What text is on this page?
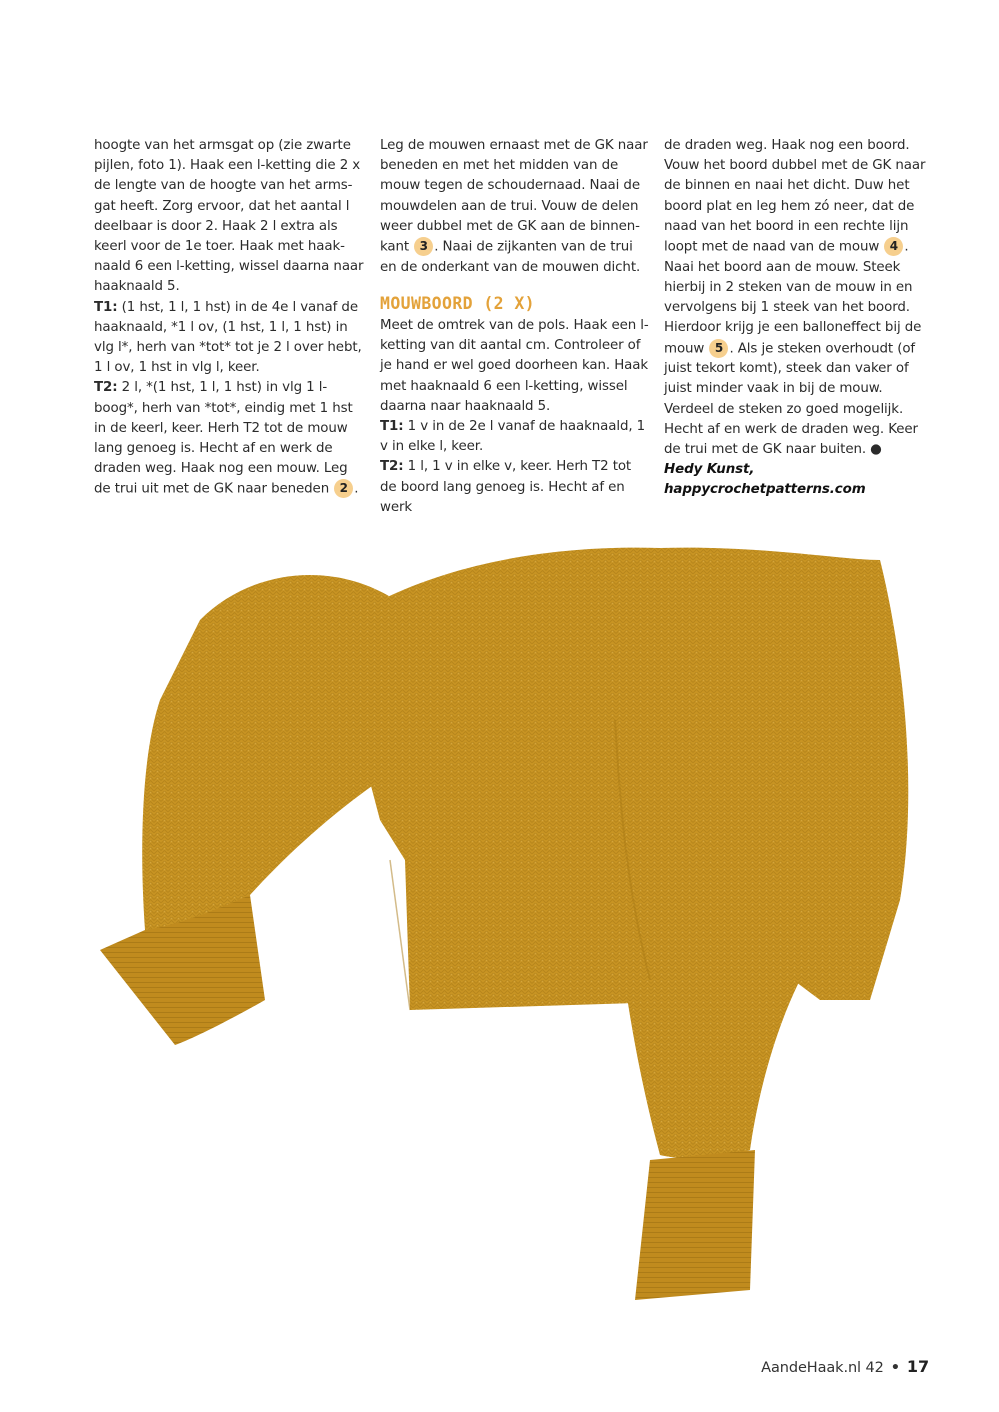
hoogte van het armsgat op (zie zwarte pijlen, foto 1). Haak een l-ketting die 2 x de lengte van de hoogte van het arms-gat heeft. Zorg ervoor, dat het aantal l deelbaar is door 2. Haak 2 l extra als keerl voor de 1e toer. Haak met haak-naald 6 een l-ketting, wissel daarna naar haaknaald 5.

T1: (1 hst, 1 l, 1 hst) in de 4e l vanaf de haaknaald, *1 l ov, (1 hst, 1 l, 1 hst) in vlg l*, herh van *tot* tot je 2 l over hebt, 1 l ov, 1 hst in vlg l, keer.

T2: 2 l, *(1 hst, 1 l, 1 hst) in vlg 1 l-boog*, herh van *tot*, eindig met 1 hst in de keerl, keer. Herh T2 tot de mouw lang genoeg is. Hecht af en werk de draden weg. Haak nog een mouw. Leg de trui uit met de GK naar beneden 2 .

Leg de mouwen ernaast met de GK naar beneden en met het midden van de mouw tegen de schoudernaad. Naai de mouwdelen aan de trui. Vouw de delen weer dubbel met de GK aan de binnen-kant 3 . Naai de zijkanten van de trui en de onderkant van de mouwen dicht.

MOUWBOORD (2 X)

Meet de omtrek van de pols. Haak een l-ketting van dit aantal cm. Controleer of je hand er wel goed doorheen kan. Haak met haaknaald 6 een l-ketting, wissel daarna naar haaknaald 5.

T1: 1 v in de 2e l vanaf de haaknaald, 1 v in elke l, keer.

T2: 1 l, 1 v in elke v, keer. Herh T2 tot de boord lang genoeg is. Hecht af en werk

de draden weg. Haak nog een boord. Vouw het boord dubbel met de GK naar de binnen en naai het dicht. Duw het boord plat en leg hem zó neer, dat de naad van het boord in een rechte lijn loopt met de naad van de mouw 4 . Naai het boord aan de mouw. Steek hierbij in 2 steken van de mouw in en vervolgens bij 1 steek van het boord. Hierdoor krijg je een balloneffect bij de mouw 5 . Als je steken overhoudt (of juist tekort komt), steek dan vaker of juist minder vaak in bij de mouw. Verdeel de steken zo goed mogelijk. Hecht af en werk de draden weg. Keer de trui met de GK naar buiten. ●

Hedy Kunst,

happycrochetpatterns.com

AandeHaak.nl 42 • 17
